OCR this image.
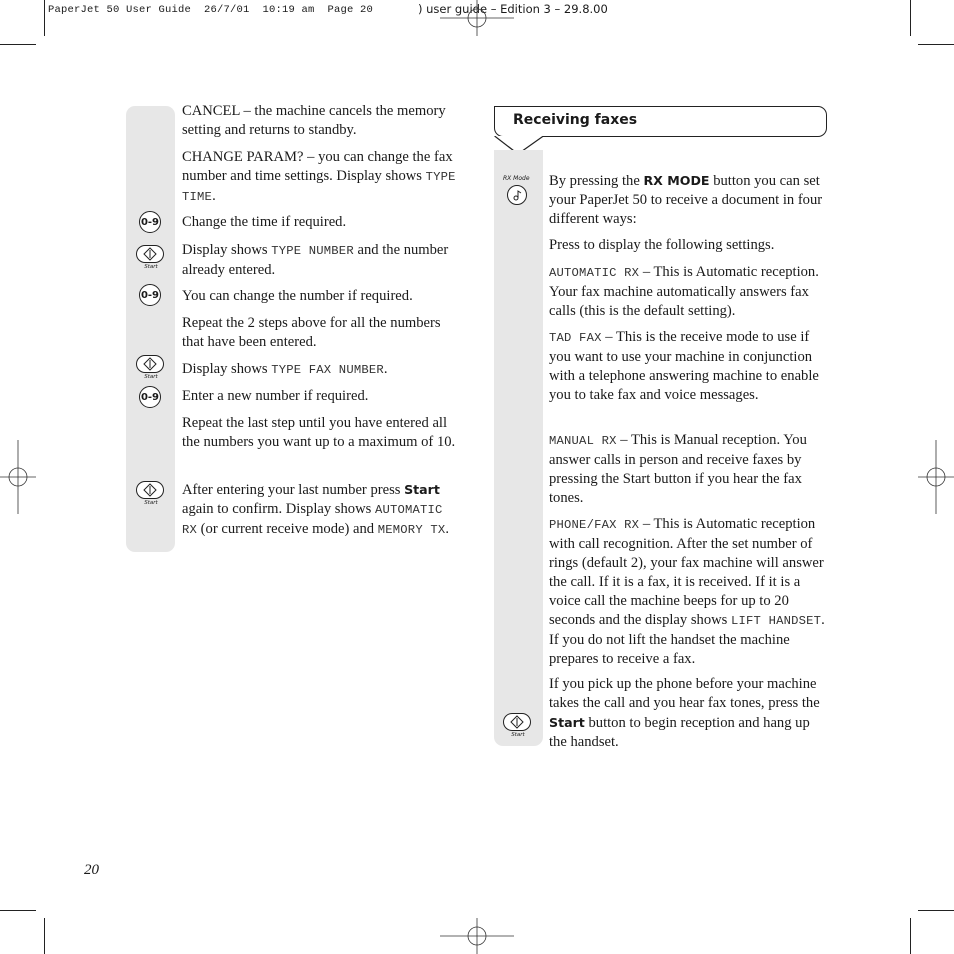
PaperJet 50 User Guide  26/7/01  10:19 am  Page 20	) user guide – Edition 3 – 29.8.00
0-9
Start
0-9
Start
0-9
Start
CANCEL – the machine cancels the memory setting and returns to standby.
CHANGE PARAM? – you can change the fax number and time settings. Display shows TYPE TIME.
Change the time if required.
Display shows TYPE NUMBER and the number already entered.
You can change the number if required.
Repeat the 2 steps above for all the numbers that have been entered.
Display shows TYPE FAX NUMBER.
Enter a new number if required.
Repeat the last step until you have entered all the numbers you want up to a maximum of 10.
After entering your last number press Start again to confirm. Display shows AUTOMATIC RX (or current receive mode) and MEMORY TX.
Receiving faxes
RX Mode
Start
By pressing the RX MODE button you can set your PaperJet 50 to receive a document in four different ways:
Press to display the following settings.
AUTOMATIC RX – This is Automatic reception. Your fax machine automatically answers fax calls (this is the default setting).
TAD FAX – This is the receive mode to use if you want to use your machine in conjunction with a telephone answering machine to enable you to take fax and voice messages.
MANUAL RX – This is Manual reception. You answer calls in person and receive faxes by pressing the Start button if you hear the fax tones.
PHONE/FAX RX – This is Automatic reception with call recognition. After the set number of rings (default 2), your fax machine will answer the call. If it is a fax, it is received. If it is a voice call the machine beeps for up to 20 seconds and the display shows LIFT HANDSET. If you do not lift the handset the machine prepares to receive a fax.
If you pick up the phone before your machine takes the call and you hear fax tones, press the Start button to begin reception and hang up the handset.
20
